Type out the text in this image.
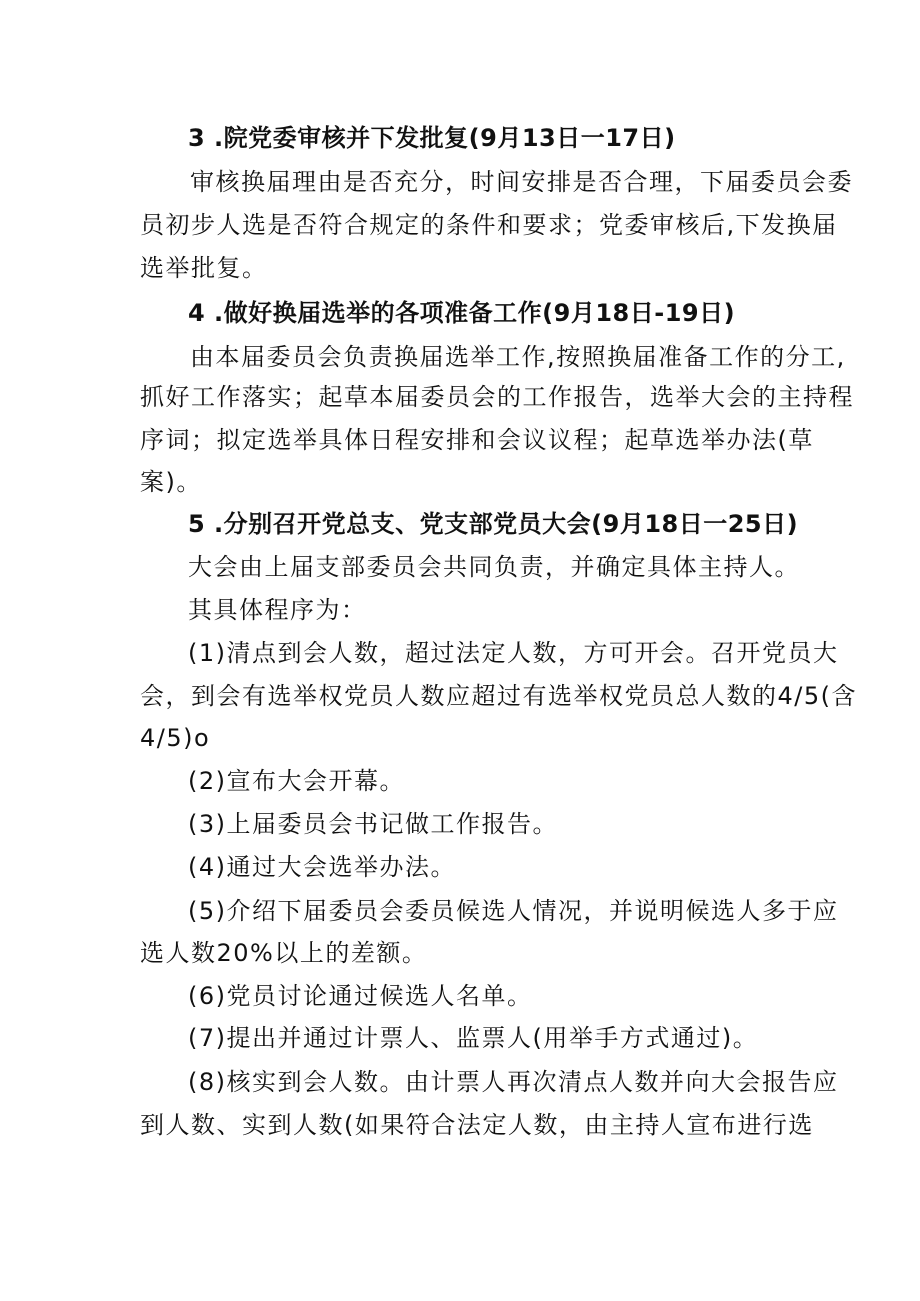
3 .院党委审核并下发批复(9月13日一17日)
审核换届理由是否充分，时间安排是否合理，下届委员会委
员初步人选是否符合规定的条件和要求；党委审核后,下发换届
选举批复。
4 .做好换届选举的各项准备工作(9月18日-19日)
由本届委员会负责换届选举工作,按照换届准备工作的分工,
抓好工作落实；起草本届委员会的工作报告，选举大会的主持程
序词；拟定选举具体日程安排和会议议程；起草选举办法(草
案)。
5 .分别召开党总支、党支部党员大会(9月18日一25日)
大会由上届支部委员会共同负责，并确定具体主持人。
其具体程序为：
(1)清点到会人数，超过法定人数，方可开会。召开党员大
会，到会有选举权党员人数应超过有选举权党员总人数的4/5(含
4/5)o
(2)宣布大会开幕。
(3)上届委员会书记做工作报告。
(4)通过大会选举办法。
(5)介绍下届委员会委员候选人情况，并说明候选人多于应
选人数20%以上的差额。
(6)党员讨论通过候选人名单。
(7)提出并通过计票人、监票人(用举手方式通过)。
(8)核实到会人数。由计票人再次清点人数并向大会报告应
到人数、实到人数(如果符合法定人数，由主持人宣布进行选
